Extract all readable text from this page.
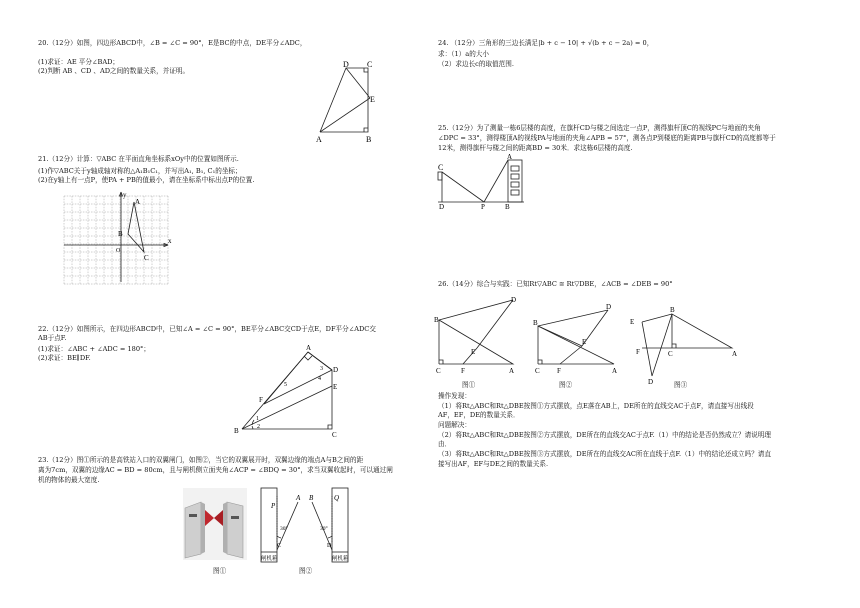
20.（12分）如图，四边形ABCD中，∠B = ∠C = 90°，E是BC的中点，DE平分∠ADC，
(1)求证：AE 平分∠BAD；
(2)判断 AB 、CD 、AD之间的数量关系，并证明。
D C
E
A	B
21.（12分）计算：▽ABC 在平面直角坐标系xOy中的位置如图所示.
(1)作▽ABC关于y轴成轴对称的△A₁B₁C₁，并写出A₁, B₁, C₁的坐标；
(2)在y轴上有一点P，使PA + PB的值最小，请在坐标系中标出点P的位置.
A
B
C
O
x
y
22.（12分）如图所示，在四边形ABCD中，已知∠A = ∠C = 90°，BE平分∠ABC交CD于点E，DF平分∠ADC交
AB于点F.
(1)求证：∠ABC + ∠ADC = 180°；
(2)求证：BE∥DF.
A
B	C
D
E
F
1
2
3
4
5
23.（12分）图①所示的是高铁站入口的双翼闸门，如图②，当它的双翼展开时，双翼边缘的端点A与B之间的距
离为7cm，双翼的边缘AC = BD = 80cm，且与闸机侧立面夹角∠ACP = ∠BDQ = 30°，求当双翼收起时，可以通过闸
机的物体的最大宽度.
P
A B	Q
C	D
30°	30°
闸机箱	闸机箱
图①	图②
24. （12分）三角形的三边长满足|b + c − 10| + √(b + c − 2a) = 0，
求：（1）a的大小
（2）求边长c的取值范围.
25.（12分）为了测量一栋6层楼的高度，在旗杆CD与楼之间选定一点P，测得旗杆顶C的视线PC与地面的夹角
∠DPC = 33°，测得楼顶A的视线PA与地面的夹角∠APB = 57°，测各点P到楼底的距离PB与旗杆CD的高度都等于
12米，测得旗杆与楼之间的距离BD = 30米．求这栋6层楼的高度.
C
D	P	B
A
26.（14分）综合与实践：已知Rt▽ABC ≅ Rt▽DBE，∠ACB = ∠DEB = 90°
D
B
E
C	F	A
D
B
E
C F	A
B
E
F	C	A
D
图①	图②	图③
操作发现：
（1）将Rt△ABC和Rt△DBE按图①方式摆放，点E落在AB上，DE所在的直线交AC于点F，请直接写出线段
AF，EF，DE的数量关系．
问题解决：
（2）将Rt△ABC和Rt△DBE按图②方式摆放，DE所在的直线交AC于点F.（1）中的结论是否仍然成立？请说明理
由．
（3）将Rt△ABC和Rt△DBE按图③方式摆放，DE所在的直线交AC所在直线于点F.（1）中的结论还成立吗？请直
接写出AF，EF与DE之间的数量关系.
